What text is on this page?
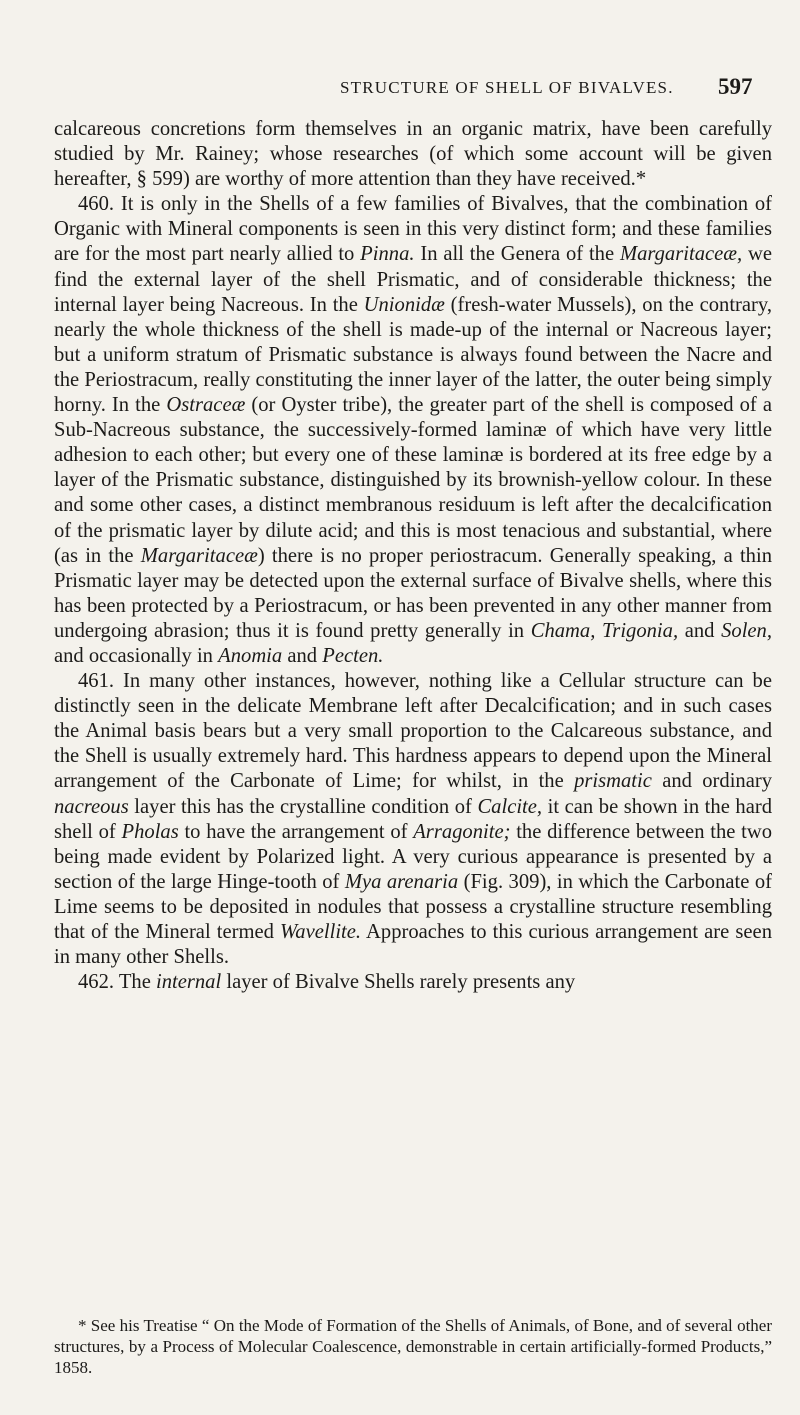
STRUCTURE OF SHELL OF BIVALVES. 597

calcareous concretions form themselves in an organic matrix, have been carefully studied by Mr. Rainey; whose researches (of which some account will be given hereafter, § 599) are worthy of more attention than they have received.*

460. It is only in the Shells of a few families of Bivalves, that the combination of Organic with Mineral components is seen in this very distinct form; and these families are for the most part nearly allied to Pinna. In all the Genera of the Margaritaceæ, we find the external layer of the shell Prismatic, and of considerable thickness; the internal layer being Nacreous. In the Unionidæ (fresh-water Mussels), on the contrary, nearly the whole thickness of the shell is made-up of the internal or Nacreous layer; but a uniform stratum of Prismatic substance is always found between the Nacre and the Periostracum, really constituting the inner layer of the latter, the outer being simply horny. In the Ostraceæ (or Oyster tribe), the greater part of the shell is composed of a Sub-Nacreous substance, the successively-formed laminæ of which have very little adhesion to each other; but every one of these laminæ is bordered at its free edge by a layer of the Prismatic substance, distinguished by its brownish-yellow colour. In these and some other cases, a distinct membranous residuum is left after the decalcification of the prismatic layer by dilute acid; and this is most tenacious and substantial, where (as in the Margaritaceæ) there is no proper periostracum. Generally speaking, a thin Prismatic layer may be detected upon the external surface of Bivalve shells, where this has been protected by a Periostracum, or has been prevented in any other manner from undergoing abrasion; thus it is found pretty generally in Chama, Trigonia, and Solen, and occasionally in Anomia and Pecten.

461. In many other instances, however, nothing like a Cellular structure can be distinctly seen in the delicate Membrane left after Decalcification; and in such cases the Animal basis bears but a very small proportion to the Calcareous substance, and the Shell is usually extremely hard. This hardness appears to depend upon the Mineral arrangement of the Carbonate of Lime; for whilst, in the prismatic and ordinary nacreous layer this has the crystalline condition of Calcite, it can be shown in the hard shell of Pholas to have the arrangement of Arragonite; the difference between the two being made evident by Polarized light. A very curious appearance is presented by a section of the large Hinge-tooth of Mya arenaria (Fig. 309), in which the Carbonate of Lime seems to be deposited in nodules that possess a crystalline structure resembling that of the Mineral termed Wavellite. Approaches to this curious arrangement are seen in many other Shells.

462. The internal layer of Bivalve Shells rarely presents any

* See his Treatise “ On the Mode of Formation of the Shells of Animals, of Bone, and of several other structures, by a Process of Molecular Coalescence, demonstrable in certain artificially-formed Products,” 1858.
